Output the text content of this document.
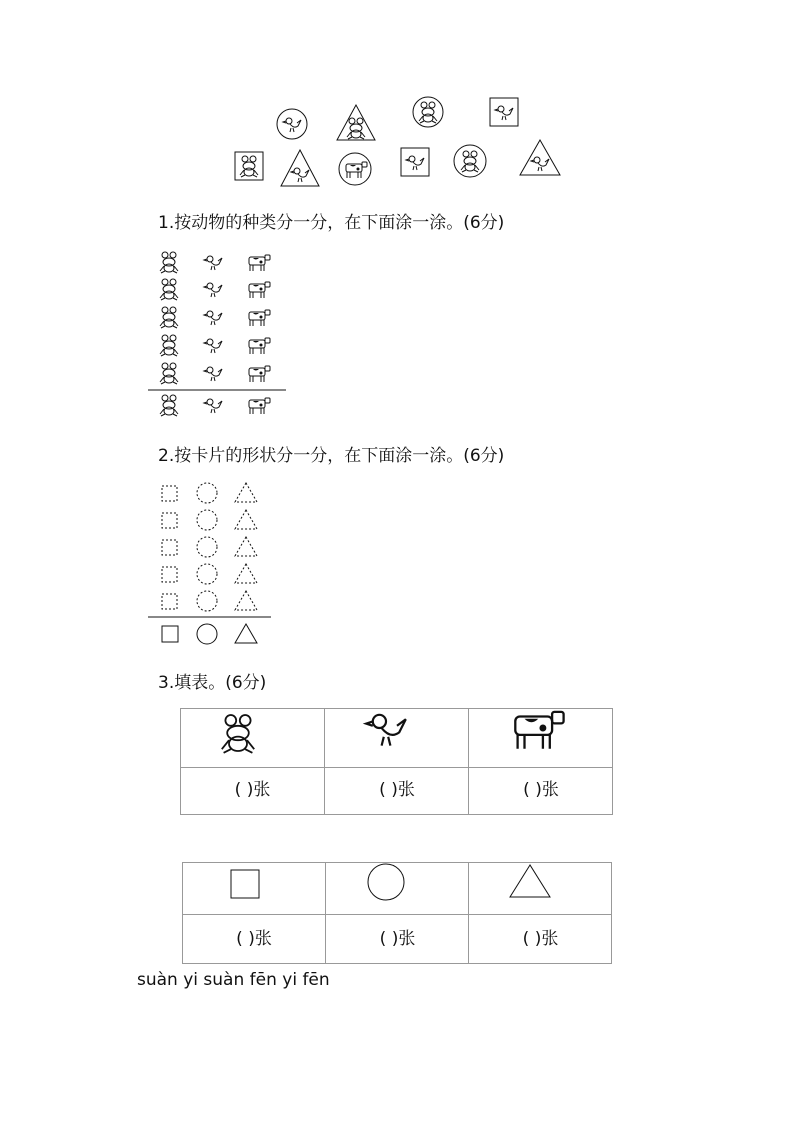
1.按动物的种类分一分，在下面涂一涂。(6分)
2.按卡片的形状分一分，在下面涂一涂。(6分)
3.填表。(6分)
( )张	( )张	( )张
( )张	( )张	( )张
suàn yi suàn fēn yi fēn
